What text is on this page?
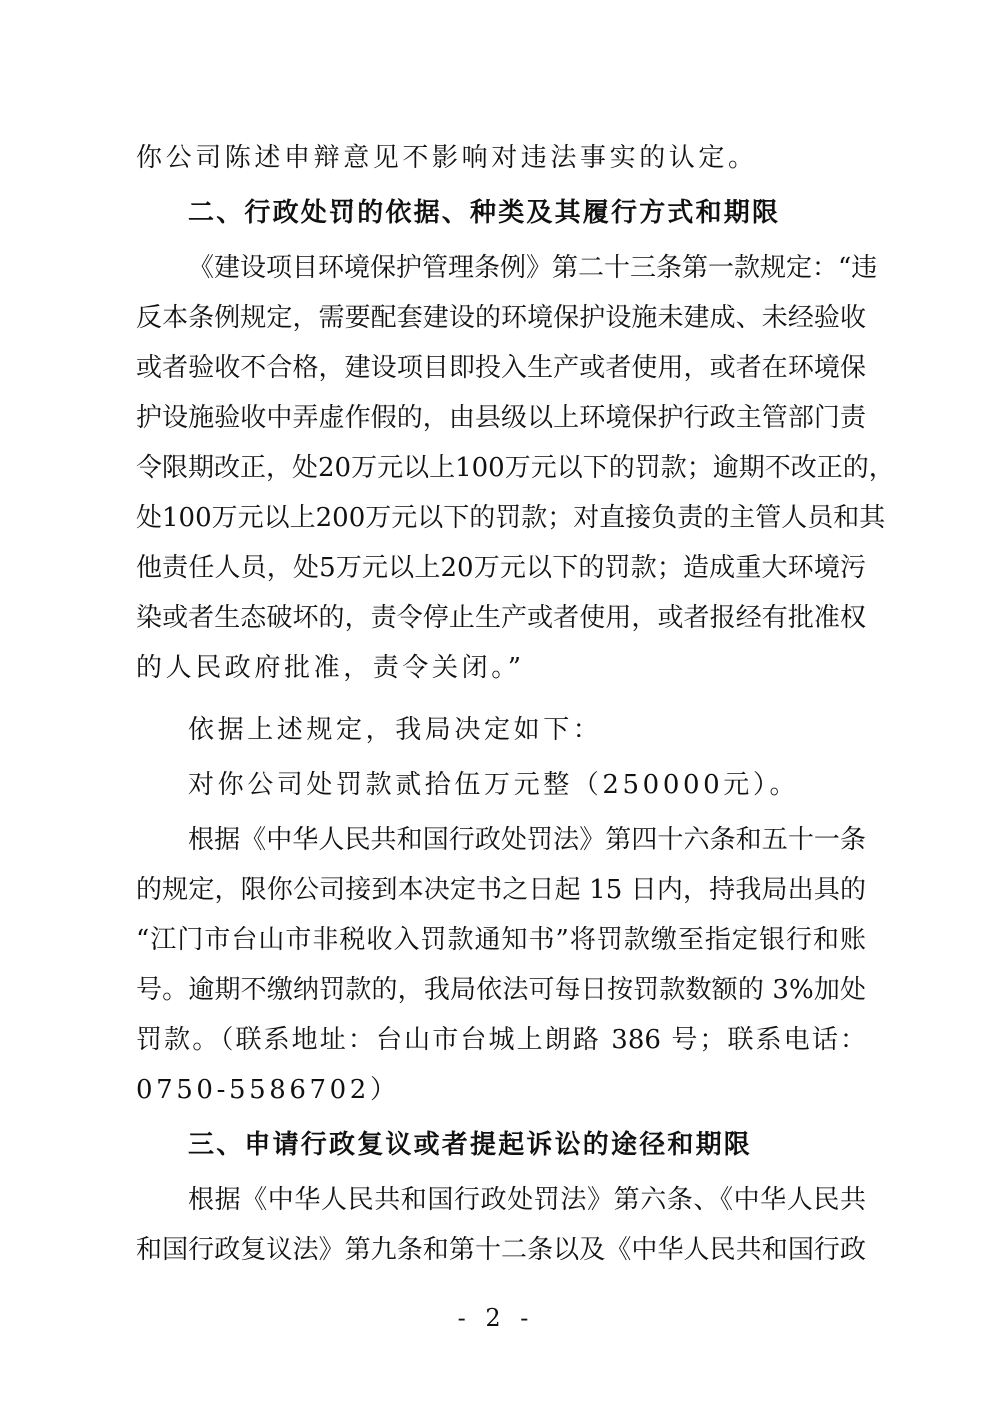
你公司陈述申辩意见不影响对违法事实的认定。
二、行政处罚的依据、种类及其履行方式和期限
《建设项目环境保护管理条例》第二十三条第一款规定：“违
反本条例规定，需要配套建设的环境保护设施未建成、未经验收
或者验收不合格，建设项目即投入生产或者使用，或者在环境保
护设施验收中弄虚作假的，由县级以上环境保护行政主管部门责
令限期改正，处20万元以上100万元以下的罚款；逾期不改正的，
处100万元以上200万元以下的罚款；对直接负责的主管人员和其
他责任人员，处5万元以上20万元以下的罚款；造成重大环境污
染或者生态破坏的，责令停止生产或者使用，或者报经有批准权
的人民政府批准，责令关闭。”
依据上述规定，我局决定如下：
对你公司处罚款贰拾伍万元整（250000元）。
根据《中华人民共和国行政处罚法》第四十六条和五十一条
的规定，限你公司接到本决定书之日起 15 日内，持我局出具的
“江门市台山市非税收入罚款通知书”将罚款缴至指定银行和账
号。逾期不缴纳罚款的，我局依法可每日按罚款数额的 3%加处
罚款。（联系地址：台山市台城上朗路 386 号；联系电话：
0750-5586702）
三、申请行政复议或者提起诉讼的途径和期限
根据《中华人民共和国行政处罚法》第六条、《中华人民共
和国行政复议法》第九条和第十二条以及《中华人民共和国行政
- 2 -
